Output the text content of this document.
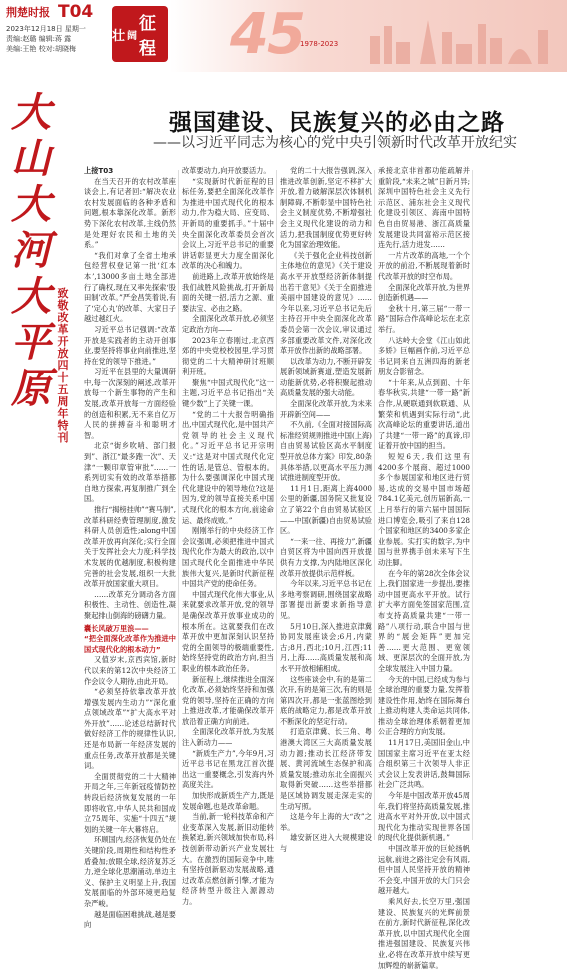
荆楚时报 T04
2023年12月18日 星期一
责编:赵璐 编辑:蒋 露
美编:王艳 校对:胡晓梅
壮 阔
征程 45
1978-2023
大
山
大
河
大
平
原
致
敬
改
革
开
放
四
十
五
周
年
特
刊
强国建设、民族复兴的必由之路
——以习近平同志为核心的党中央引领新时代改革开放纪实

上接T03

在当天召开的农村改革座谈会上,有记者回:“解决农业农村发展面临的各种矛盾和问题,根本靠深化改革。新形势下深化农村改革,主线仍然是处理好农民和土地的关系。”

“我们对拿了全省土地承包经营权登记第一批‘红本本’,13000多亩土地全部进行了确权,现在又率先探索‘股田制’改革。”严金昌笑着说,有了‘定心丸’的改革、大家日子越过越红火。

习近平总书记强调:“改革开放是实践者的主动开创事业,要坚持将事业向前推进,坚持在党的领导下推进。”

习近平在县里的大量调研中,每一次深刻的阐述,改革开放每一个新生事物的产生和发展,改革开放每一方面经验的创造和积累,无不来自亿万人民的拼搏奋斗和聪明才智。

北京“街乡吹哨、部门报到”、浙江“最多跑一次”、天津“一颗印章管审批”……一系列切实有效的改革举措都自地方探索,再复制推广到全国。

推行“揭榜挂帅”“赛马制”,改革科研经费管理制度,激发科研人员创造性;along中国改革开放再向深化;实行全面关于发挥社会大力度;科学技术发展的优越制度,积极构建完善的社会发展,组织一大批改革开放国家重大项目。

……改革充分调动各方面积极性、主动性、创造性,凝聚起排山倒海的磅礴力量。

囊长风破万里浪——

“把全面深化改革作为推进中国式现代化的根本动力”

又值岁末,京西宾馆,新时代以来的第12次中央经济工作会议令人期待,由此开局。

“必须坚持依靠改革开放增强发展内生动力”“深化重点领域改革”“扩大高水平对外开放”……论述总结新时代做好经济工作的规律性认识,还是布局新一年经济发展的重点任务,改革开放都是关键词。

全面贯彻党的二十大精神开局之年,三年新冠疫情防控转段后经济恢复发展的一年即将收官,中华人民共和国成立75周年、实施“十四五”规划的关键一年大幕将启。

环顾国内,经济恢复仍处在关键阶段,周期性和结构性矛盾叠加;放眼全球,经济复苏乏力,逆全球化思潮涌动,单边主义、保护主义明显上升,我国发展面临的外部环境更趋复杂严峻。

越是面临困难挑战,越是要向

改革要动力,向开放要活力。

“实现新时代新征程的目标任务,要把全面深化改革作为推进中国式现代化的根本动力,作为稳大局、应变局、开新局的重要抓手。”十届中央全面深化改革委员会首次会议上,习近平总书记的重要讲话彰显更大力度全面深化改革的决心和魄力。

前进路上,改革开放始终是我们战胜风险挑战,打开新局面的关键一招,活力之源、重要法宝、必由之路。

全面深化改革开放,必须坚定政治方向——

2023年立春刚过,北京西郊的中央党校校园里,学习贯彻党的二十大精神研讨班顺利开班。

聚焦“中国式现代化”这一主题,习近平总书记指出“关键少数”上了关键一课。

“党的二十大报告明确指出,中国式现代化,是中国共产党领导的社会主义现代化。”习近平总书记开宗明义:“这是对中国式现代化定性的话,是管总、管根本的。为什么要强调深化中国式现代化建设中的领导地位?这是因为,党的领导直接关系中国式现代化的根本方向,前途命运、最终成败。”

刚刚举行的中央经济工作会议强调,必须把推进中国式现代化作为最大的政治,以中国式现代化全面推进中华民族伟大复兴,是新时代新征程中国共产党的使命任务。

中国式现代化伟大事业,从来就要求改革开放,党的领导是确保改革开放事业成功的根本所在。这就要我们在改革开放中更加深刻认识坚持党的全面领导的极端重要性,始终坚持党的政治方向,担当职业的根本政治任务。

新征程上,继续推进全面深化改革,必须始终坚持和加强党的领导,坚持在正确的方向上推进改革,才能确保改革开放沿着正确方向前进。

全面深化改革开放,为发展注入新动力——

“新质生产力”,今年9月,习近平总书记在黑龙江首次提出这一重要概念,引发海内外高度关注。

加快形成新质生产力,既是发展命题,也是改革命题。

当前,新一轮科技革命和产业变革深入发展,新旧动能转换紧迫,新兴领域加快布局,科技创新带动新兴产业发展壮大。在激烈的国际竞争中,唯有坚持创新驱动发展战略,通过改革点燃创新引擎,才能为经济转型升级注入源源动力。

党的二十大报告强调,深入推进改革创新,坚定不移扩大开放,着力破解深层次体制机制障碍,不断彰显中国特色社会主义制度优势,不断增强社会主义现代化建设的动力和活力,把我国制度优势更好转化为国家治理效能。

《关于强化企业科技创新主体地位的意见》《关于建设高水平开放型经济新体制提出若干意见》《关于全面推进美丽中国建设的意见》……今年以来,习近平总书记先后主持召开中央全面深化改革委员会第一次会议,审议通过多部重要改革文件,对深化改革开放作出新的战略部署。

以改革为动力,不断开辟发展新领域新赛道,塑造发展新动能新优势,必将积聚起推动高质量发展的强大动能。

全面深化改革开放,为未来开辟新空间——

不久前,《全面对接国际高标准经贸规则推进中国(上海)自由贸易试验区高水平制度型开放总体方案》印发,80条具体举措,以更高水平压力测试推进制度型开放。

11月1日,距离上海4000公里的新疆,国务院又批复设立了第22个自由贸易试验区——中国(新疆)自由贸易试验区。

“一来一往、再接力”,新疆自贸区将为中国向西开放提供有力支撑,为内陆地区深化改革开放提供示范样板。

今年以来,习近平总书记在多地考察调研,围绕国家战略部署提出新要求新指导意见。

5月10日,深入推进京津冀协同发展座谈会;6月,内蒙古;8月,西北;10月,江西;11月,上海……高质量发展和高水平开放相辅相成。

这些座谈会中,有的是第二次开,有的是第三次,有的则是第四次开,都是一张蓝图绘到底的战略定力,都是改革开放不断深化的坚定行动。

打造京津冀、长三角、粤港澳大湾区三大高质量发展动力源;推动长江经济带发展、黄河流域生态保护和高质量发展;推动东北全面振兴取得新突破……这些举措都是区域协调发展走深走实的生动写照。

这是今年上海的大“改”之举。

雄安新区进入大规模建设与

承接北京非首都功能疏解并重阶段,“未来之城”日新月异;深圳中国特色社会主义先行示范区、浦东社会主义现代化建设引领区、海南中国特色自由贸易港、浙江高质量发展建设共同富裕示范区接连先行,活力进发……

一片片改革的高地,一个个开放的前沿,不断展现着新时代改革开放的时空布局。

全面深化改革开放,为世界创造新机遇——

金秋十月,第三届“一带一路”国际合作高峰论坛在北京举行。

八达岭大会堂《江山如此多娇》巨幅画作前,习近平总书记同来自五洲四海的新老朋友合影留念。

“十年来,从点到面、十年春华秋实,共建“一带一路”新合作,从硬联通到软联通、从繁荣和机遇到实际行动”,此次高峰论坛的重要讲话,道出了共建“一带一路”的真谛,印证着开放中国的担当。

短短6天,我们这里有4200多个展商、超过1000多个参展国家和地区进行贸易,达成的交易中国市场超784.1亿美元,创历届新高,一上月举行的第六届中国国际进口博览会,吸引了来自128个国家和地区的3400多家企业参展。实打实的数字,为中国与世界携手创未来写下生动注脚。

在今年的第28次全体会议上,我们国家进一步提出,要推动中国更高水平开放。试行扩大率方面免签国家范围,宣布支持高质量共建“一带一路”八项行动,联合中国与世界的“展会矩阵”更加完善……更大范围、更宽领域、更深层次的全面开放,为全球发展注入中国力量。

今天的中国,已经成为参与全球治理的重要力量,发挥着建设性作用,始终在国际舞台上推动构建人类命运共同体,推动全球治理体系朝着更加公正合理的方向发展。

11月17日,美国旧金山,中国国家主席习近平在亚太经合组织第三十次领导人非正式会议上发表讲话,鼓舞国际社会广泛共鸣。

今年是中国改革开放45周年,我们将坚持高质量发展,推进高水平对外开放,以中国式现代化为推动实现世界各国的现代化提供新机遇。”

中国改革开放的巨轮扬帆远航,前进之路注定会有风雨,但中国人民坚持开放的精神不会变,中国开放的大门只会越开越大。

乘风好去,长空万里,强国建设、民族复兴的光辉前景在前方,新时代新征程,深化改革开放,以中国式现代化全面推进强国建设、民族复兴伟业,必将在改革开放中续写更加辉煌的崭新篇章。
